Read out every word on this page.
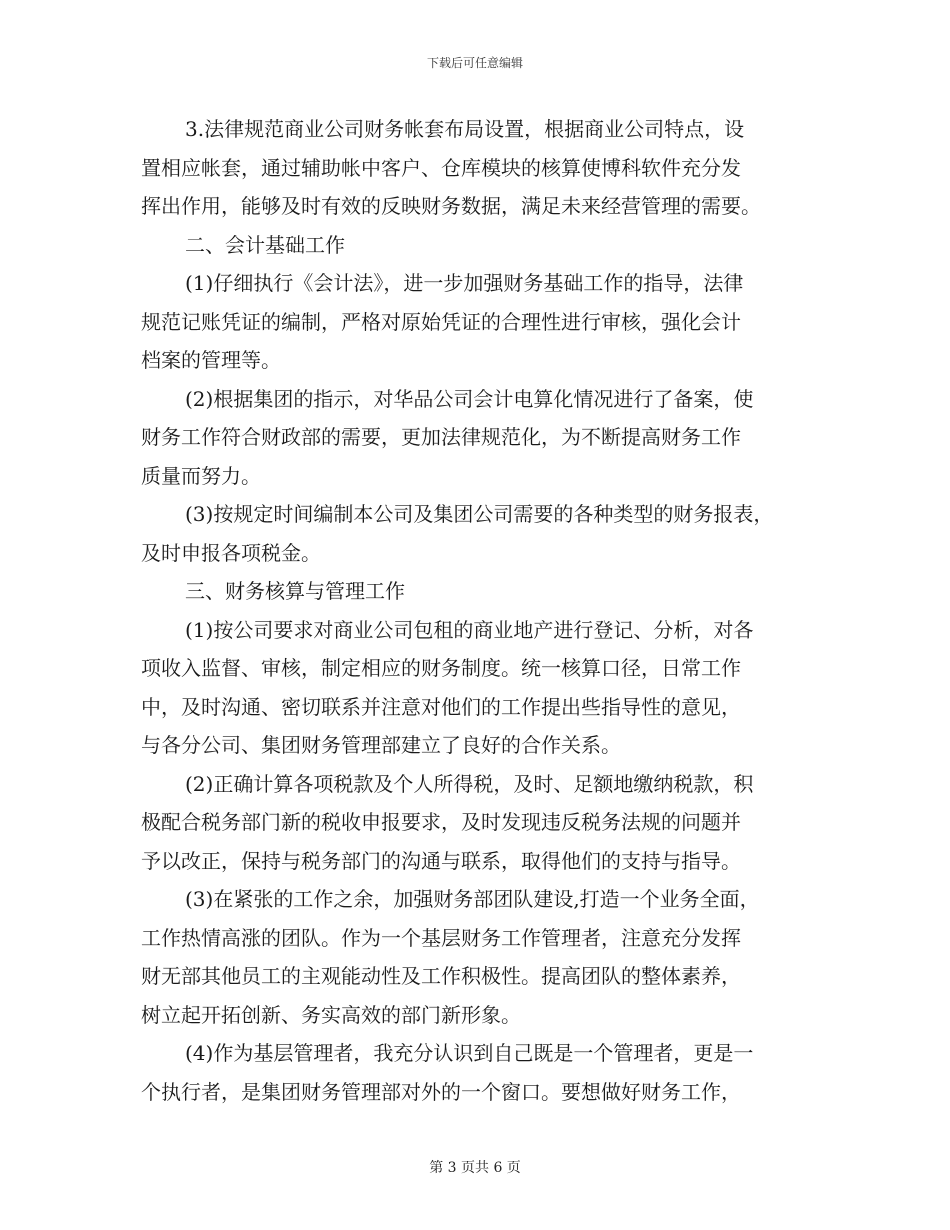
下载后可任意编辑
3.法律规范商业公司财务帐套布局设置，根据商业公司特点，设
置相应帐套，通过辅助帐中客户、仓库模块的核算使博科软件充分发
挥出作用，能够及时有效的反映财务数据，满足未来经营管理的需要。
二、会计基础工作
(1)仔细执行《会计法》，进一步加强财务基础工作的指导，法律
规范记账凭证的编制，严格对原始凭证的合理性进行审核，强化会计
档案的管理等。
(2)根据集团的指示，对华品公司会计电算化情况进行了备案，使
财务工作符合财政部的需要，更加法律规范化，为不断提高财务工作
质量而努力。
(3)按规定时间编制本公司及集团公司需要的各种类型的财务报表，
及时申报各项税金。
三、财务核算与管理工作
(1)按公司要求对商业公司包租的商业地产进行登记、分析，对各
项收入监督、审核，制定相应的财务制度。统一核算口径，日常工作
中，及时沟通、密切联系并注意对他们的工作提出些指导性的意见，
与各分公司、集团财务管理部建立了良好的合作关系。
(2)正确计算各项税款及个人所得税，及时、足额地缴纳税款，积
极配合税务部门新的税收申报要求，及时发现违反税务法规的问题并
予以改正，保持与税务部门的沟通与联系，取得他们的支持与指导。
(3)在紧张的工作之余，加强财务部团队建设,打造一个业务全面，
工作热情高涨的团队。作为一个基层财务工作管理者，注意充分发挥
财无部其他员工的主观能动性及工作积极性。提高团队的整体素养，
树立起开拓创新、务实高效的部门新形象。
(4)作为基层管理者，我充分认识到自己既是一个管理者，更是一
个执行者，是集团财务管理部对外的一个窗口。要想做好财务工作，
第 3 页共 6 页
